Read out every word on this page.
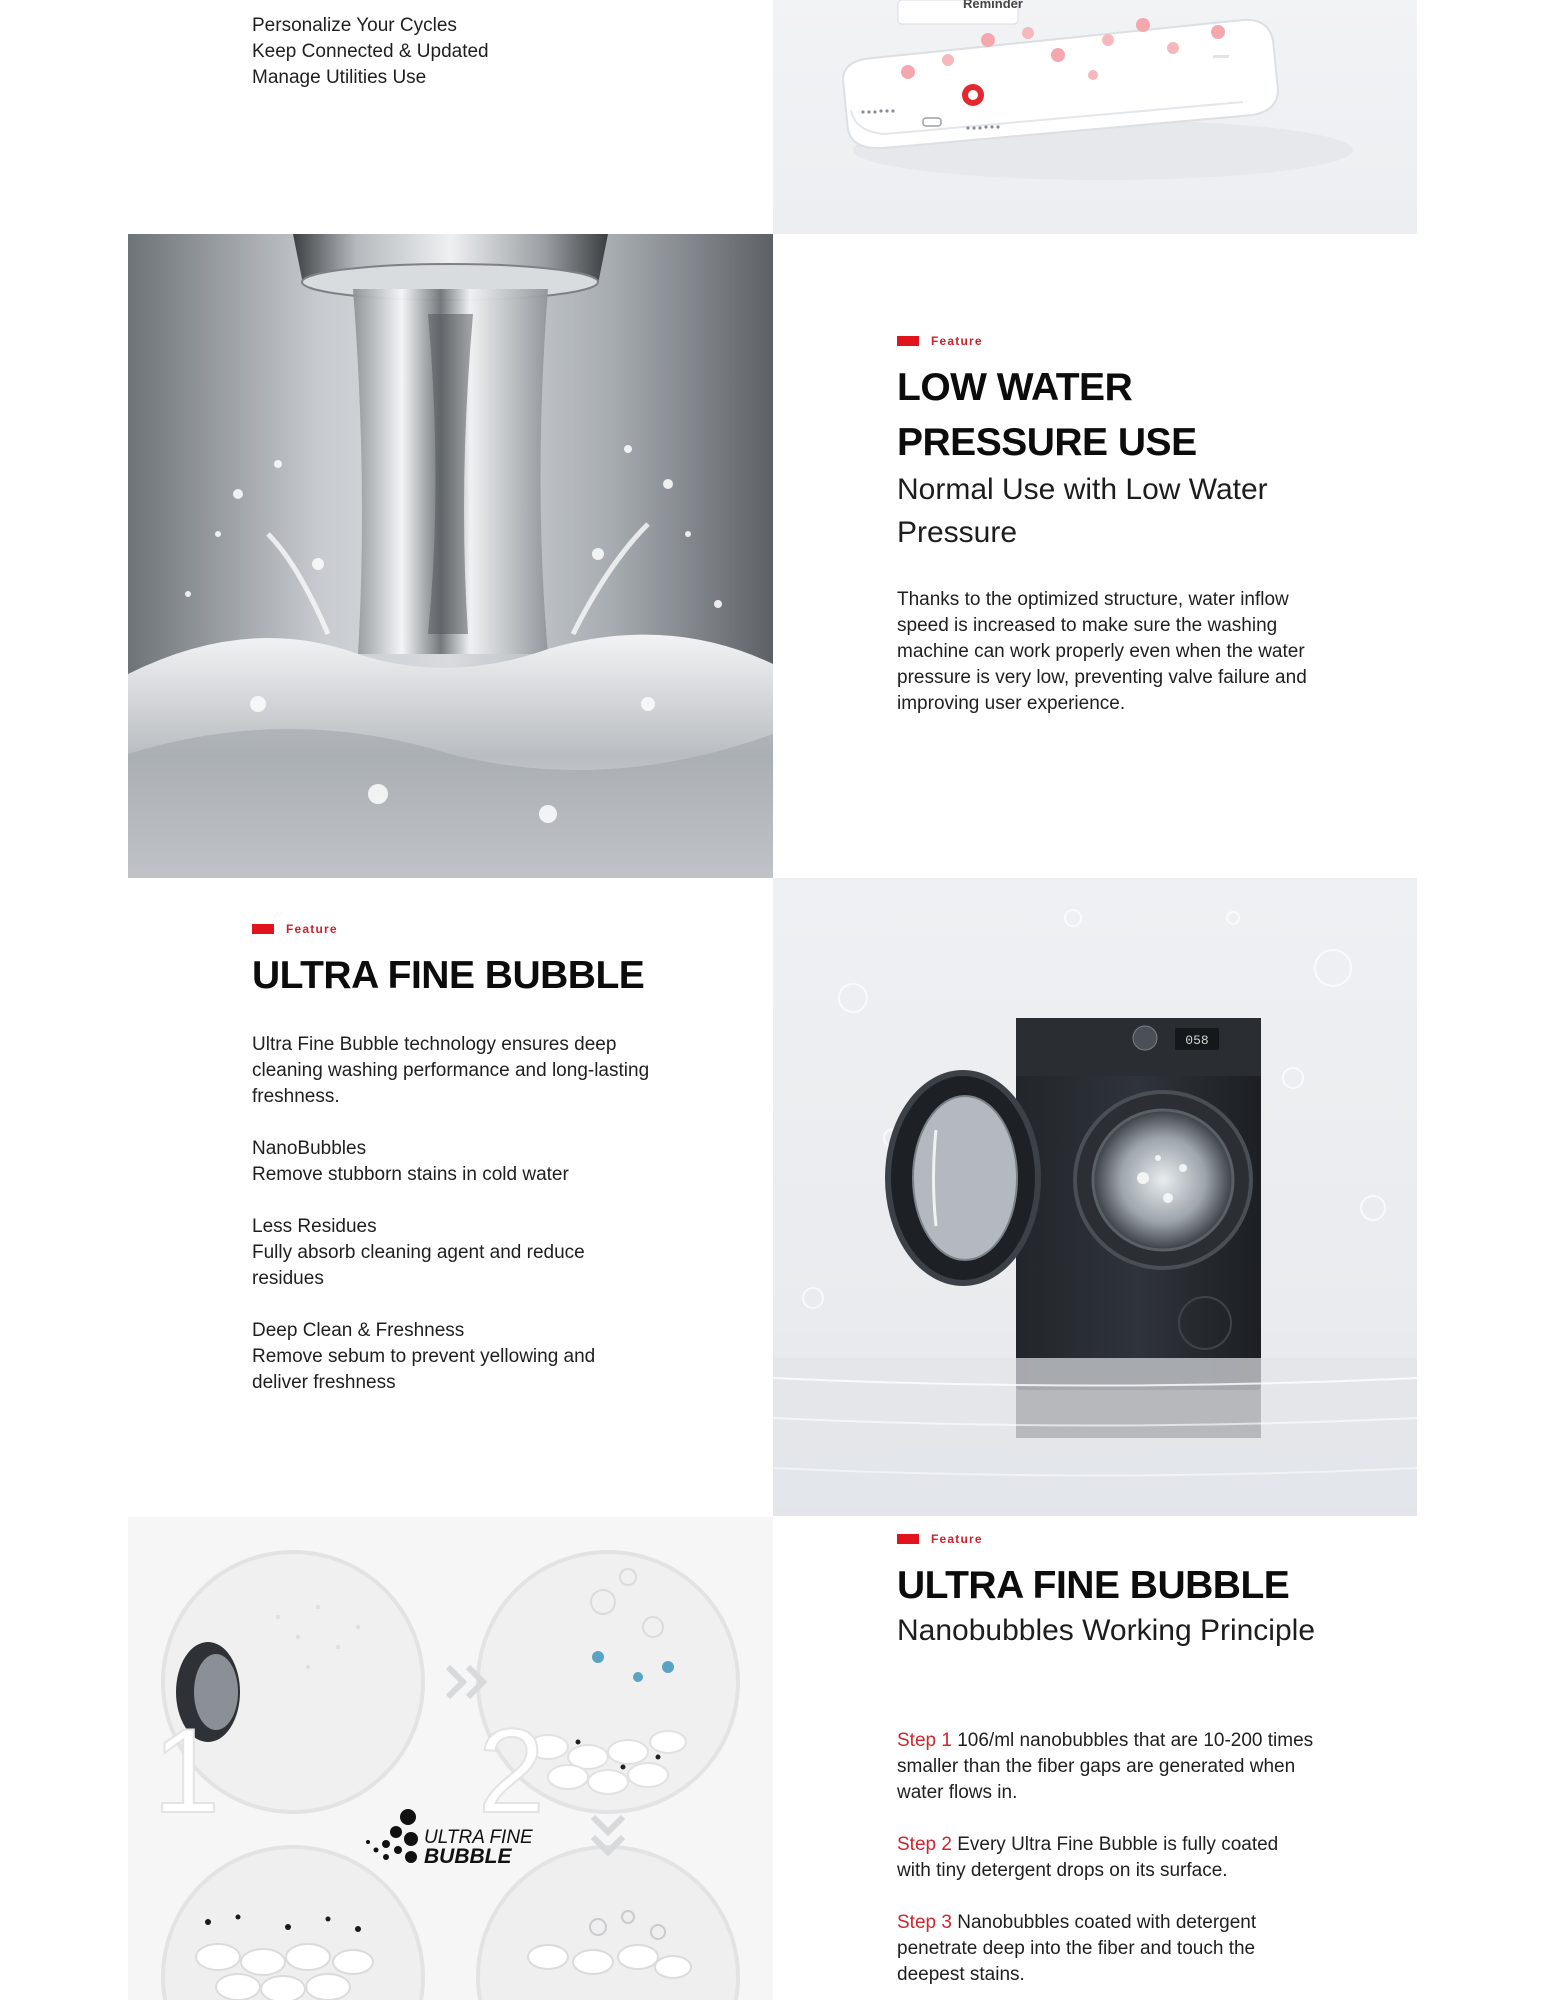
Personalize Your Cycles
Keep Connected & Updated
Manage Utilities Use
Reminder
Feature
LOW WATER PRESSURE USE
Normal Use with Low Water Pressure
Thanks to the optimized structure, water inflow speed is increased to make sure the washing machine can work properly even when the water pressure is very low, preventing valve failure and improving user experience.
Feature
ULTRA FINE BUBBLE

Ultra Fine Bubble technology ensures deep cleaning washing performance and long-lasting freshness.

NanoBubbles

Remove stubborn stains in cold water

Less Residues

Fully absorb cleaning agent and reduce residues

Deep Clean & Freshness

Remove sebum to prevent yellowing and deliver freshness

058
1 2
ULTRA FINE
BUBBLE
Feature
ULTRA FINE BUBBLE
Nanobubbles Working Principle

Step 1 106/ml nanobubbles that are 10-200 times smaller than the fiber gaps are generated when water flows in.

Step 2 Every Ultra Fine Bubble is fully coated with tiny detergent drops on its surface.

Step 3 Nanobubbles coated with detergent penetrate deep into the fiber and touch the deepest stains.
